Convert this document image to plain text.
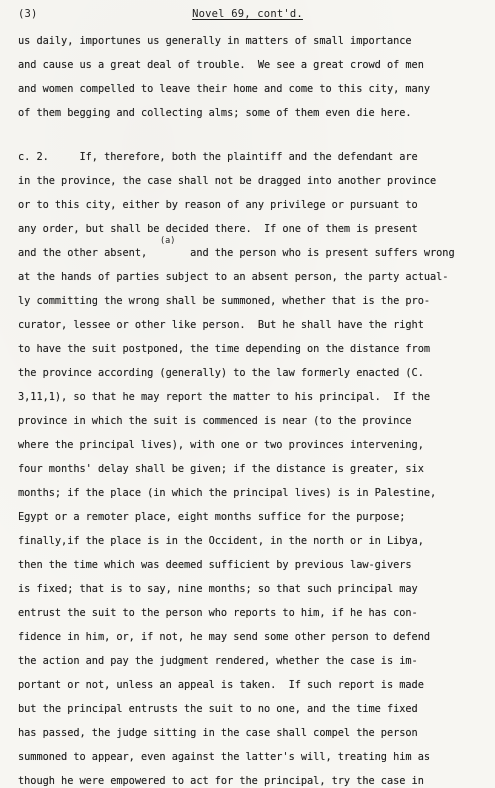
(3)	Novel 69, cont'd.
us daily, importunes us generally in matters of small importance
and cause us a great deal of trouble.  We see a great crowd of men
and women compelled to leave their home and come to this city, many
of them begging and collecting alms; some of them even die here.
c. 2.     If, therefore, both the plaintiff and the defendant are
in the province, the case shall not be dragged into another province
or to this city, either by reason of any privilege or pursuant to
any order, but shall be decided there.  If one of them is present
and the other absent,       and the person who is present suffers wrong
at the hands of parties subject to an absent person, the party actual-
ly committing the wrong shall be summoned, whether that is the pro-
curator, lessee or other like person.  But he shall have the right
to have the suit postponed, the time depending on the distance from
the province according (generally) to the law formerly enacted (C.
3,11,1), so that he may report the matter to his principal.  If the
province in which the suit is commenced is near (to the province
where the principal lives), with one or two provinces intervening,
four months' delay shall be given; if the distance is greater, six
months; if the place (in which the principal lives) is in Palestine,
Egypt or a remoter place, eight months suffice for the purpose;
finally,if the place is in the Occident, in the north or in Libya,
then the time which was deemed sufficient by previous law-givers
is fixed; that is to say, nine months; so that such principal may
entrust the suit to the person who reports to him, if he has con-
fidence in him, or, if not, he may send some other person to defend
the action and pay the judgment rendered, whether the case is im-
portant or not, unless an appeal is taken.  If such report is made
but the principal entrusts the suit to no one, and the time fixed
has passed, the judge sitting in the case shall compel the person
summoned to appear, even against the latter's will, treating him as
though he were empowered to act for the principal, try the case in
(a)
